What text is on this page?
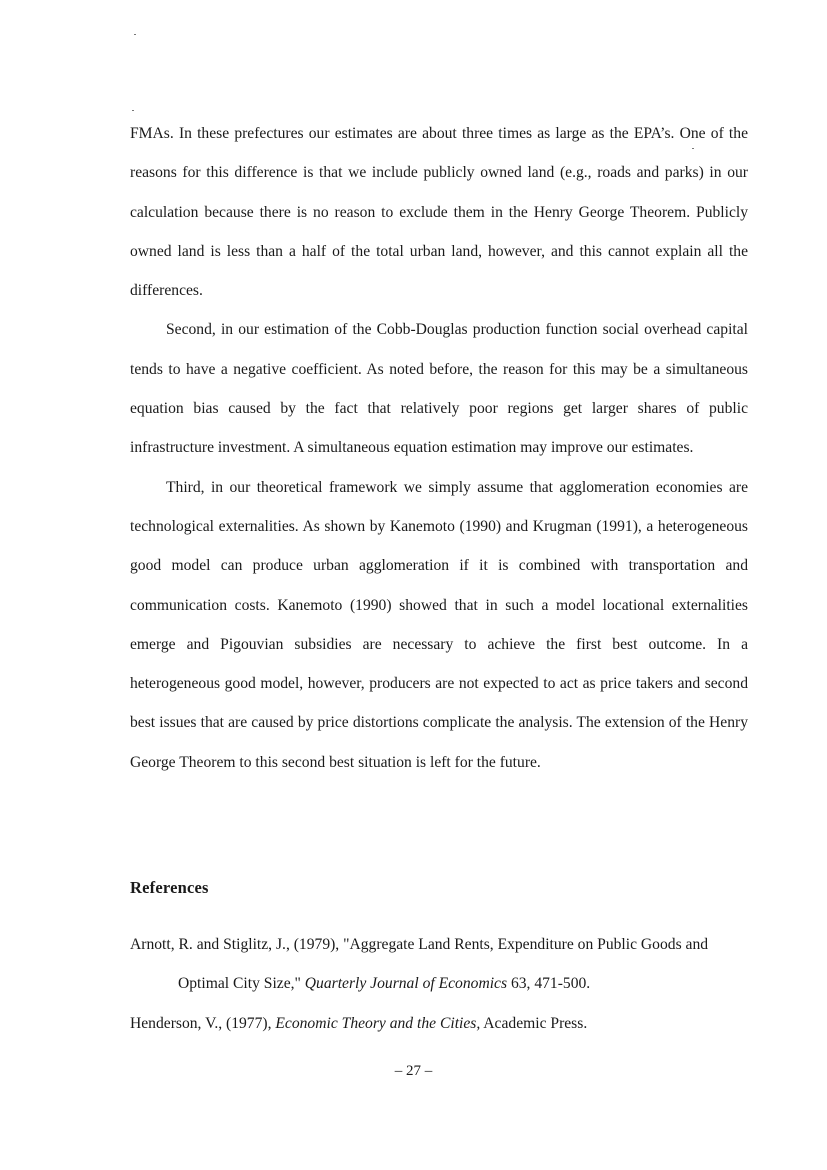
FMAs. In these prefectures our estimates are about three times as large as the EPA’s. One of the reasons for this difference is that we include publicly owned land (e.g., roads and parks) in our calculation because there is no reason to exclude them in the Henry George Theorem. Publicly owned land is less than a half of the total urban land, however, and this cannot explain all the differences.

Second, in our estimation of the Cobb-Douglas production function social overhead capital tends to have a negative coefficient. As noted before, the reason for this may be a simultaneous equation bias caused by the fact that relatively poor regions get larger shares of public infrastructure investment. A simultaneous equation estimation may improve our estimates.

Third, in our theoretical framework we simply assume that agglomeration economies are technological externalities. As shown by Kanemoto (1990) and Krugman (1991), a heterogeneous good model can produce urban agglomeration if it is combined with transportation and communication costs. Kanemoto (1990) showed that in such a model locational externalities emerge and Pigouvian subsidies are necessary to achieve the first best outcome. In a heterogeneous good model, however, producers are not expected to act as price takers and second best issues that are caused by price distortions complicate the analysis. The extension of the Henry George Theorem to this second best situation is left for the future.

References

Arnott, R. and Stiglitz, J., (1979), "Aggregate Land Rents, Expenditure on Public Goods and Optimal City Size," Quarterly Journal of Economics 63, 471-500.

Henderson, V., (1977), Economic Theory and the Cities, Academic Press.

– 27 –
